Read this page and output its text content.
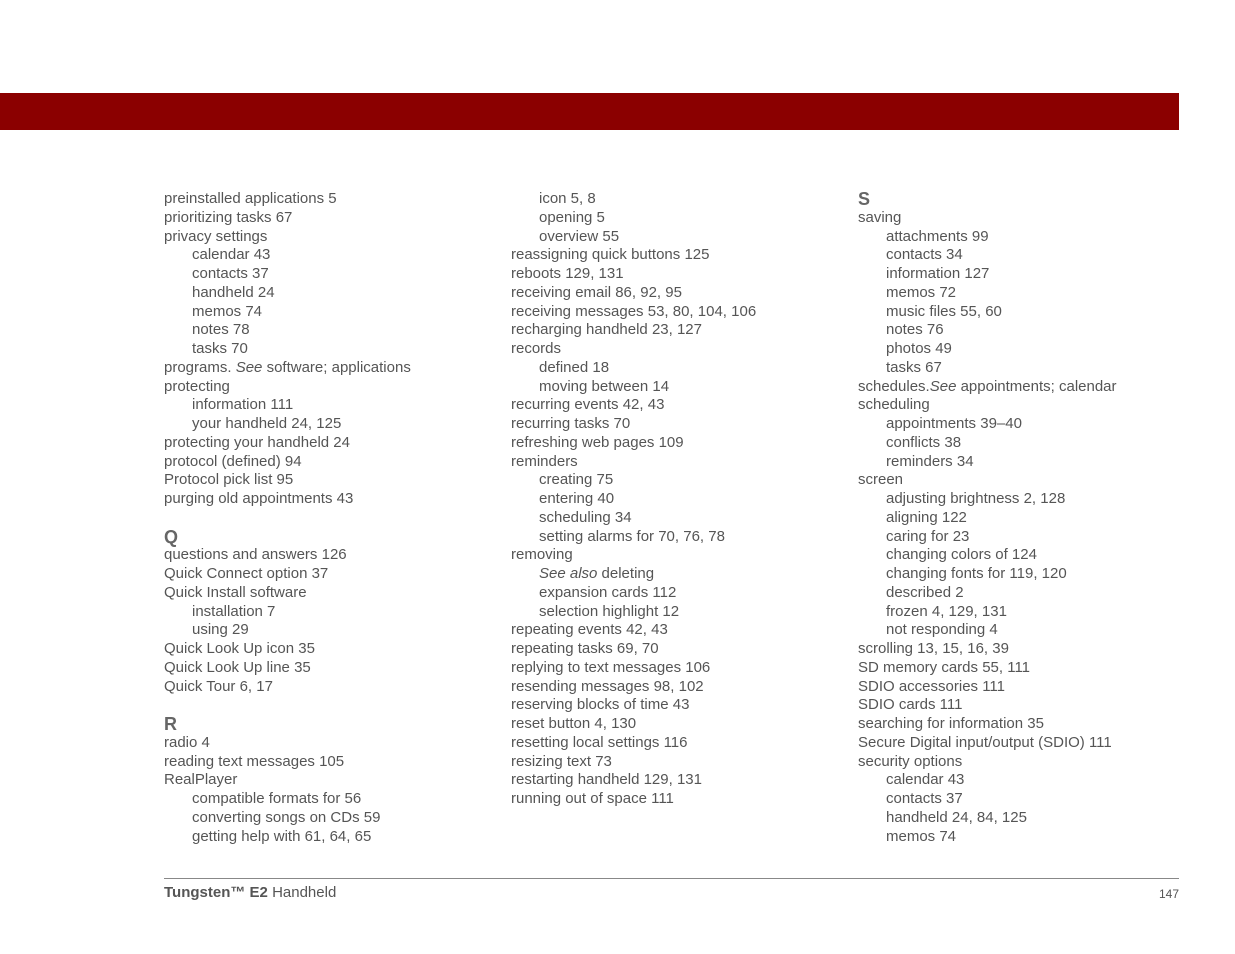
preinstalled applications 5
prioritizing tasks 67
privacy settings
calendar 43
contacts 37
handheld 24
memos 74
notes 78
tasks 70
programs. See software; applications
protecting
information 111
your handheld 24, 125
protecting your handheld 24
protocol (defined) 94
Protocol pick list 95
purging old appointments 43
Q
questions and answers 126
Quick Connect option 37
Quick Install software
installation 7
using 29
Quick Look Up icon 35
Quick Look Up line 35
Quick Tour 6, 17
R
radio 4
reading text messages 105
RealPlayer
compatible formats for 56
converting songs on CDs 59
getting help with 61, 64, 65
icon 5, 8
opening 5
overview 55
reassigning quick buttons 125
reboots 129, 131
receiving email 86, 92, 95
receiving messages 53, 80, 104, 106
recharging handheld 23, 127
records
defined 18
moving between 14
recurring events 42, 43
recurring tasks 70
refreshing web pages 109
reminders
creating 75
entering 40
scheduling 34
setting alarms for 70, 76, 78
removing
See also deleting
expansion cards 112
selection highlight 12
repeating events 42, 43
repeating tasks 69, 70
replying to text messages 106
resending messages 98, 102
reserving blocks of time 43
reset button 4, 130
resetting local settings 116
resizing text 73
restarting handheld 129, 131
running out of space 111
S
saving
attachments 99
contacts 34
information 127
memos 72
music files 55, 60
notes 76
photos 49
tasks 67
schedules.See appointments; calendar
scheduling
appointments 39–40
conflicts 38
reminders 34
screen
adjusting brightness 2, 128
aligning 122
caring for 23
changing colors of 124
changing fonts for 119, 120
described 2
frozen 4, 129, 131
not responding 4
scrolling 13, 15, 16, 39
SD memory cards 55, 111
SDIO accessories 111
SDIO cards 111
searching for information 35
Secure Digital input/output (SDIO) 111
security options
calendar 43
contacts 37
handheld 24, 84, 125
memos 74
Tungsten™ E2 Handheld	147
